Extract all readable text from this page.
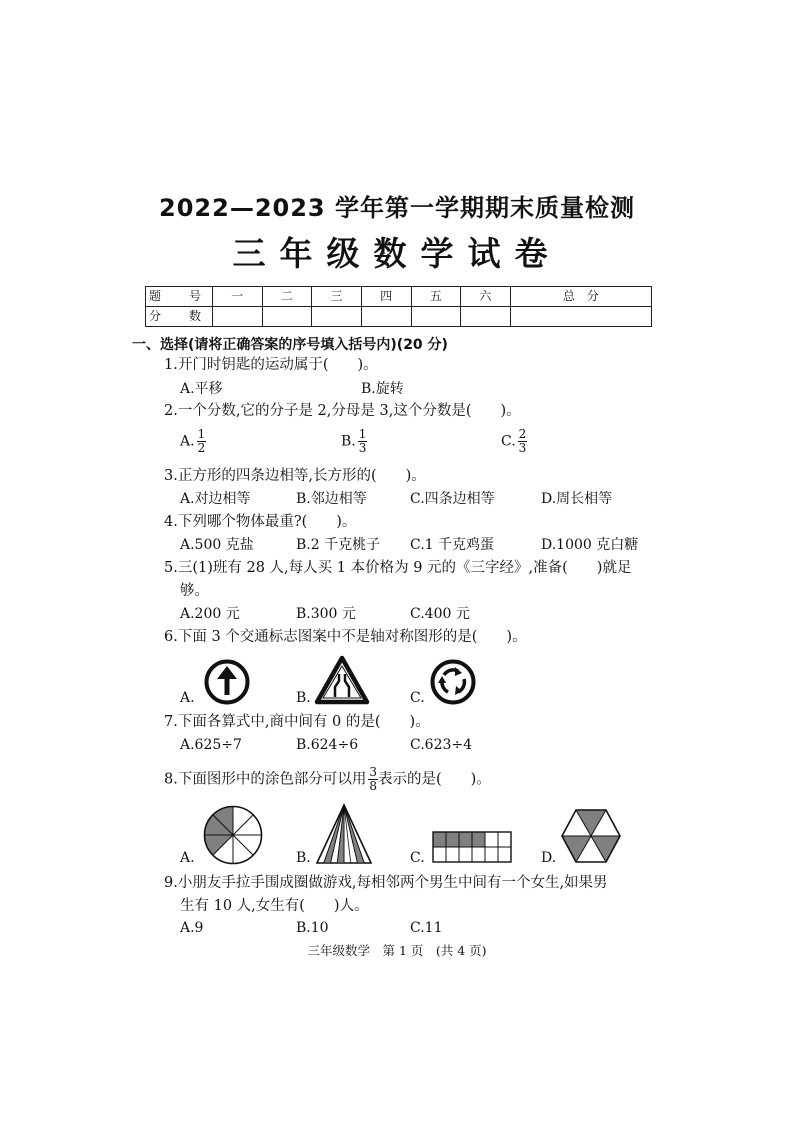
2022—2023 学年第一学期期末质量检测
三年级数学试卷
题　号	一	二	三	四	五	六	总　分
分　数							
一、选择(请将正确答案的序号填入括号内)(20 分)
1.开门时钥匙的运动属于(　　)。
A.平移	B.旋转
2.一个分数,它的分子是 2,分母是 3,这个分数是(　　)。
A. $\frac{1}{2}$	B. $\frac{1}{3}$	C. $\frac{2}{3}$
3.正方形的四条边相等,长方形的(　　)。
A.对边相等	B.邻边相等	C.四条边相等	D.周长相等
4.下列哪个物体最重?(　　)。
A.500 克盐	B.2 千克桃子 C.1 千克鸡蛋	D.1000 克白糖
5.三(1)班有 28 人,每人买 1 本价格为 9 元的《三字经》,准备(　　)就足
够。
A.200 元	B.300 元	C.400 元
6.下面 3 个交通标志图案中不是轴对称图形的是(　　)。
A.	B.	C.
7.下面各算式中,商中间有 0 的是(　　)。
A.625÷7	B.624÷6	C.623÷4
8.下面图形中的涂色部分可以用 $\frac{3}{8}$ 表示的是(　　)。
A.	B.	C.	D.
9.小朋友手拉手围成圈做游戏,每相邻两个男生中间有一个女生,如果男
生有 10 人,女生有(　　)人。
A.9	B.10	C.11
三年级数学　第 1 页　(共 4 页)
